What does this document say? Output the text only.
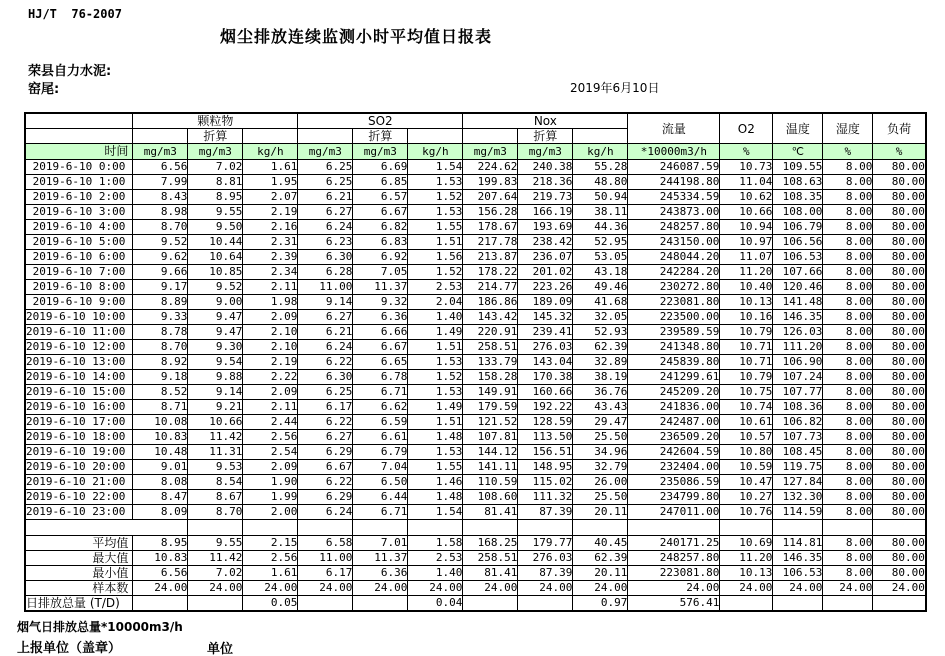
HJ/T  76-2007
烟尘排放连续监测小时平均值日报表
荣县自力水泥:
窑尾:	2019年6月10日
	颗粒物			SO2			Nox			流量	O2	温度	湿度	负荷
		折算			折算			折算						
时间	mg/m3	mg/m3	kg/h	mg/m3	mg/m3	kg/h	mg/m3	mg/m3	kg/h	*10000m3/h	%	℃	%	%
2019-6-10 0:00	6.56	7.02	1.61	6.25	6.69	1.54	224.62	240.38	55.28	246087.59	10.73	109.55	8.00	80.00
2019-6-10 1:00	7.99	8.81	1.95	6.25	6.85	1.53	199.83	218.36	48.80	244198.80	11.04	108.63	8.00	80.00
2019-6-10 2:00	8.43	8.95	2.07	6.21	6.57	1.52	207.64	219.73	50.94	245334.59	10.62	108.35	8.00	80.00
2019-6-10 3:00	8.98	9.55	2.19	6.27	6.67	1.53	156.28	166.19	38.11	243873.00	10.66	108.00	8.00	80.00
2019-6-10 4:00	8.70	9.50	2.16	6.24	6.82	1.55	178.67	193.69	44.36	248257.80	10.94	106.79	8.00	80.00
2019-6-10 5:00	9.52	10.44	2.31	6.23	6.83	1.51	217.78	238.42	52.95	243150.00	10.97	106.56	8.00	80.00
2019-6-10 6:00	9.62	10.64	2.39	6.30	6.92	1.56	213.87	236.07	53.05	248044.20	11.07	106.53	8.00	80.00
2019-6-10 7:00	9.66	10.85	2.34	6.28	7.05	1.52	178.22	201.02	43.18	242284.20	11.20	107.66	8.00	80.00
2019-6-10 8:00	9.17	9.52	2.11	11.00	11.37	2.53	214.77	223.26	49.46	230272.80	10.40	120.46	8.00	80.00
2019-6-10 9:00	8.89	9.00	1.98	9.14	9.32	2.04	186.86	189.09	41.68	223081.80	10.13	141.48	8.00	80.00
2019-6-10 10:00	9.33	9.47	2.09	6.27	6.36	1.40	143.42	145.32	32.05	223500.00	10.16	146.35	8.00	80.00
2019-6-10 11:00	8.78	9.47	2.10	6.21	6.66	1.49	220.91	239.41	52.93	239589.59	10.79	126.03	8.00	80.00
2019-6-10 12:00	8.70	9.30	2.10	6.24	6.67	1.51	258.51	276.03	62.39	241348.80	10.71	111.20	8.00	80.00
2019-6-10 13:00	8.92	9.54	2.19	6.22	6.65	1.53	133.79	143.04	32.89	245839.80	10.71	106.90	8.00	80.00
2019-6-10 14:00	9.18	9.88	2.22	6.30	6.78	1.52	158.28	170.38	38.19	241299.61	10.79	107.24	8.00	80.00
2019-6-10 15:00	8.52	9.14	2.09	6.25	6.71	1.53	149.91	160.66	36.76	245209.20	10.75	107.77	8.00	80.00
2019-6-10 16:00	8.71	9.21	2.11	6.17	6.62	1.49	179.59	192.22	43.43	241836.00	10.74	108.36	8.00	80.00
2019-6-10 17:00	10.08	10.66	2.44	6.22	6.59	1.51	121.52	128.59	29.47	242487.00	10.61	106.82	8.00	80.00
2019-6-10 18:00	10.83	11.42	2.56	6.27	6.61	1.48	107.81	113.50	25.50	236509.20	10.57	107.73	8.00	80.00
2019-6-10 19:00	10.48	11.31	2.54	6.29	6.79	1.53	144.12	156.51	34.96	242604.59	10.80	108.45	8.00	80.00
2019-6-10 20:00	9.01	9.53	2.09	6.67	7.04	1.55	141.11	148.95	32.79	232404.00	10.59	119.75	8.00	80.00
2019-6-10 21:00	8.08	8.54	1.90	6.22	6.50	1.46	110.59	115.02	26.00	235086.59	10.47	127.84	8.00	80.00
2019-6-10 22:00	8.47	8.67	1.99	6.29	6.44	1.48	108.60	111.32	25.50	234799.80	10.27	132.30	8.00	80.00
2019-6-10 23:00	8.09	8.70	2.00	6.24	6.71	1.54	81.41	87.39	20.11	247011.00	10.76	114.59	8.00	80.00

平均值	8.95	9.55	2.15	6.58	7.01	1.58	168.25	179.77	40.45	240171.25	10.69	114.81	8.00	80.00
最大值	10.83	11.42	2.56	11.00	11.37	2.53	258.51	276.03	62.39	248257.80	11.20	146.35	8.00	80.00
最小值	6.56	7.02	1.61	6.17	6.36	1.40	81.41	87.39	20.11	223081.80	10.13	106.53	8.00	80.00
样本数	24.00	24.00	24.00	24.00	24.00	24.00	24.00	24.00	24.00	24.00	24.00	24.00	24.00	24.00
日排放总量 (T/D)			0.05			0.04			0.97	576.41				
烟气日排放总量*10000m3/h
上报单位（盖章）	单位
